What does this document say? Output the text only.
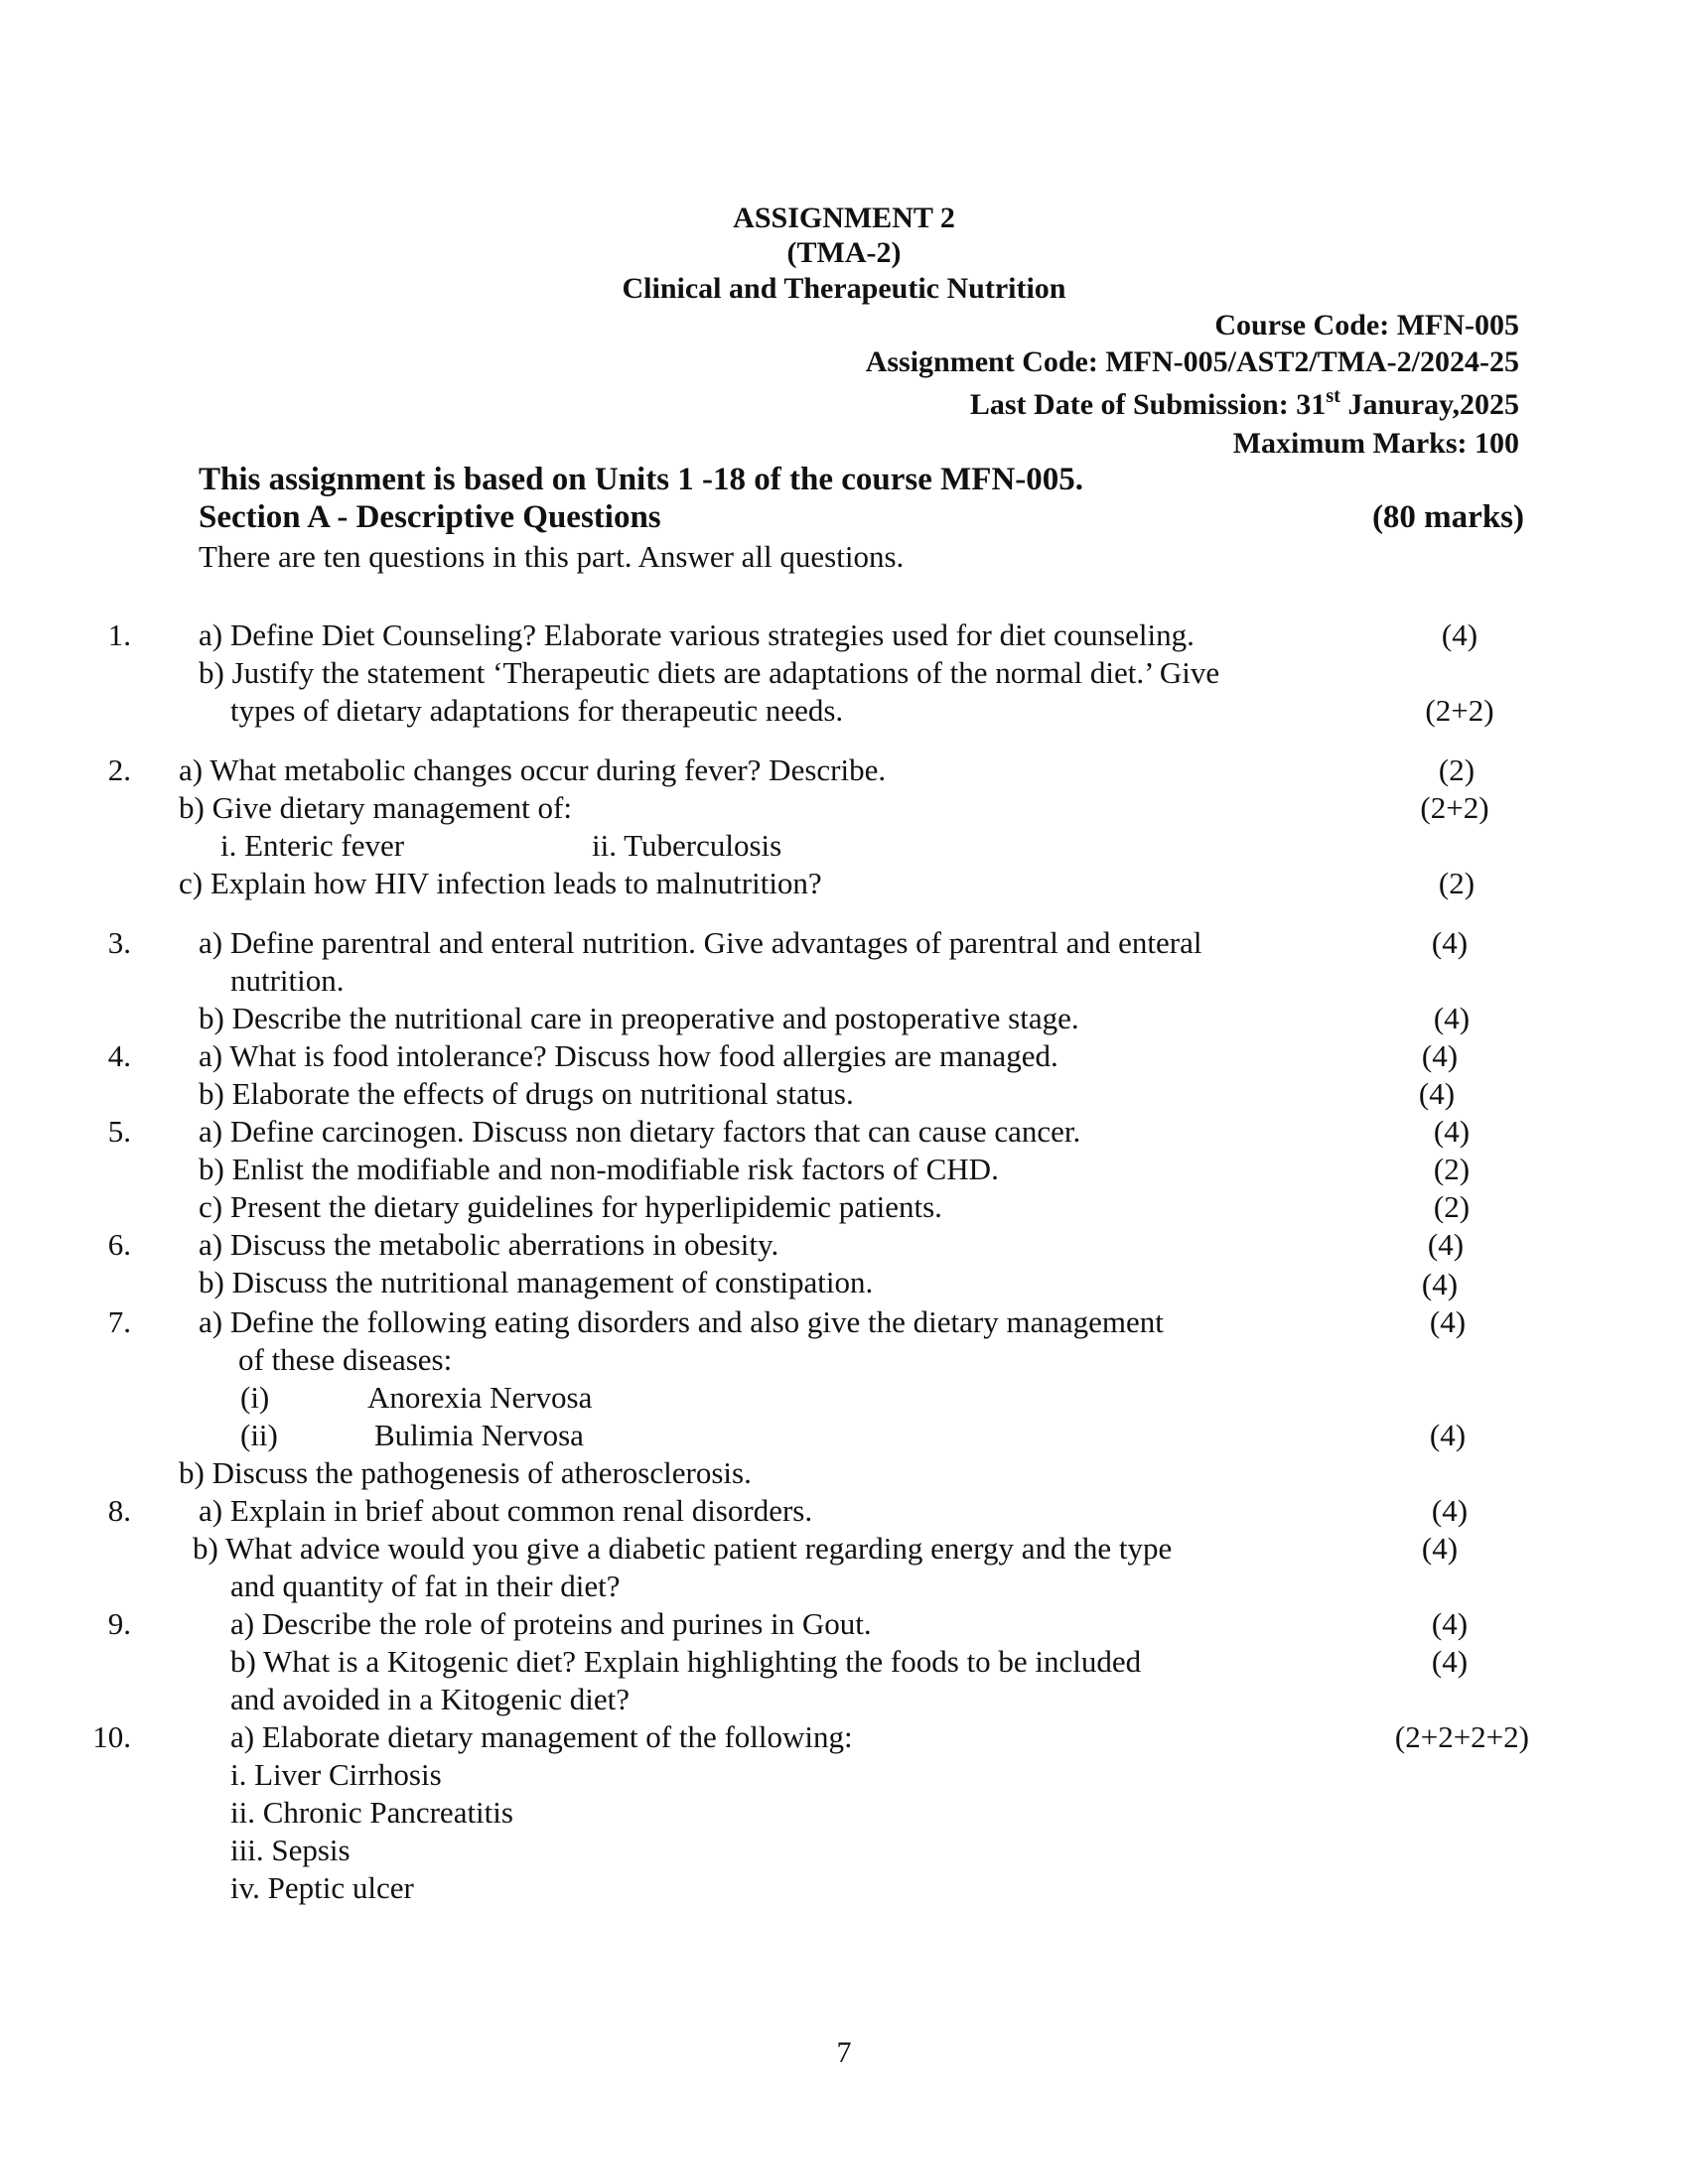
ASSIGNMENT 2
(TMA-2)
Clinical and Therapeutic Nutrition
Course Code: MFN-005
Assignment Code: MFN-005/AST2/TMA-2/2024-25
Last Date of Submission: 31st Januray,2025
Maximum Marks: 100
This assignment is based on Units 1 -18 of the course MFN-005.
Section A - Descriptive Questions	(80 marks)
There are ten questions in this part. Answer all questions.
1. a) Define Diet Counseling? Elaborate various strategies used for diet counseling.	(4)
b) Justify the statement ‘Therapeutic diets are adaptations of the normal diet.’ Give
types of dietary adaptations for therapeutic needs.	(2+2)
2. a) What metabolic changes occur during fever? Describe.	(2)
b) Give dietary management of:	(2+2)
i. Enteric fever	ii. Tuberculosis
c) Explain how HIV infection leads to malnutrition?	(2)
3. a) Define parentral and enteral nutrition. Give advantages of parentral and enteral	(4)
nutrition.
b) Describe the nutritional care in preoperative and postoperative stage.	(4)
4. a) What is food intolerance? Discuss how food allergies are managed.	(4)
b) Elaborate the effects of drugs on nutritional status.	(4)
5. a) Define carcinogen. Discuss non dietary factors that can cause cancer.	(4)
b) Enlist the modifiable and non-modifiable risk factors of CHD.	(2)
c) Present the dietary guidelines for hyperlipidemic patients.	(2)
6. a) Discuss the metabolic aberrations in obesity.	(4)
b) Discuss the nutritional management of constipation.	(4)
7. a) Define the following eating disorders and also give the dietary management	(4)
of these diseases:
(i)	Anorexia Nervosa
(ii)	Bulimia Nervosa	(4)
b) Discuss the pathogenesis of atherosclerosis.
8. a) Explain in brief about common renal disorders.	(4)
b) What advice would you give a diabetic patient regarding energy and the type	(4)
and quantity of fat in their diet?
9.	a) Describe the role of proteins and purines in Gout.	(4)
b) What is a Kitogenic diet? Explain highlighting the foods to be included	(4)
and avoided in a Kitogenic diet?
10.	a) Elaborate dietary management of the following:	(2+2+2+2)
i. Liver Cirrhosis
ii. Chronic Pancreatitis
iii. Sepsis
iv. Peptic ulcer
7
